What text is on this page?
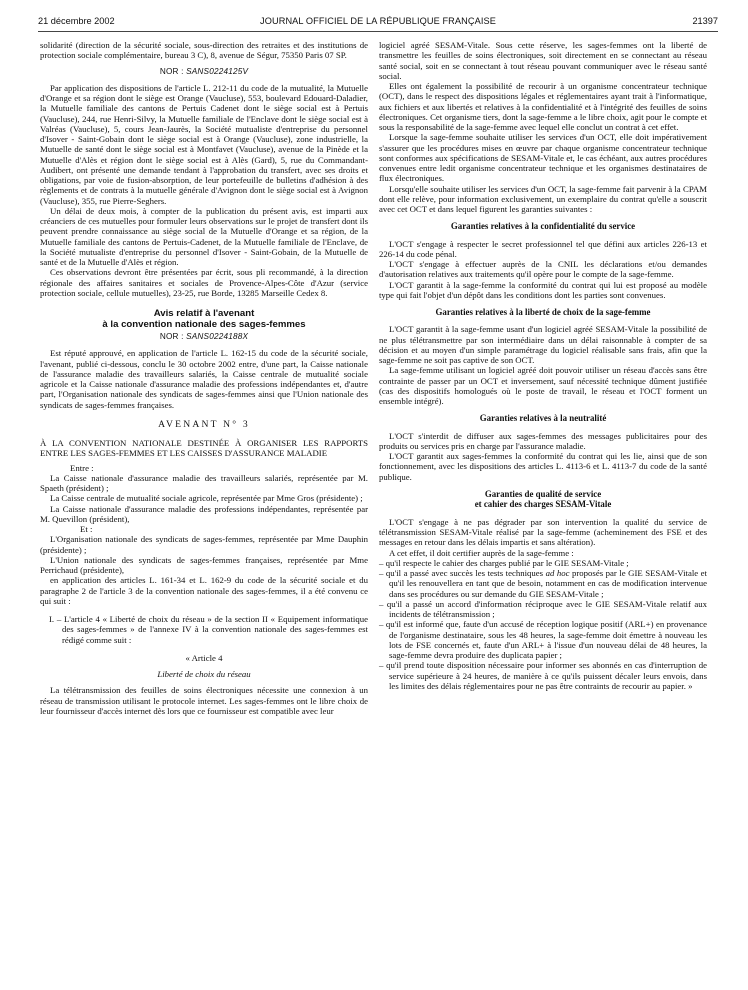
21 décembre 2002	JOURNAL OFFICIEL DE LA RÉPUBLIQUE FRANÇAISE	21397

solidarité (direction de la sécurité sociale, sous-direction des retraites et des institutions de protection sociale complémentaire, bureau 3 C), 8, avenue de Ségur, 75350 Paris 07 SP.

NOR : SANS0224125V

Par application des dispositions de l'article L. 212-11 du code de la mutualité, la Mutuelle d'Orange et sa région dont le siège est Orange (Vaucluse), 553, boulevard Edouard-Daladier, la Mutuelle familiale des cantons de Pertuis Cadenet dont le siège social est à Pertuis (Vaucluse), 244, rue Henri-Silvy, la Mutuelle familiale de l'Enclave dont le siège social est à Valréas (Vaucluse), 5, cours Jean-Jaurès, la Société mutualiste d'entreprise du personnel d'Isover - Saint-Gobain dont le siège social est à Orange (Vaucluse), zone industrielle, la Mutuelle de santé dont le siège social est à Montfavet (Vaucluse), avenue de la Pinède et la Mutuelle d'Alès et région dont le siège social est à Alès (Gard), 5, rue du Commandant-Audibert, ont présenté une demande tendant à l'approbation du transfert, avec ses droits et obligations, par voie de fusion-absorption, de leur portefeuille de bulletins d'adhésion à des règlements et de contrats à la mutuelle générale d'Avignon dont le siège social est à Avignon (Vaucluse), 355, rue Pierre-Seghers.

Un délai de deux mois, à compter de la publication du présent avis, est imparti aux créanciers de ces mutuelles pour formuler leurs observations sur le projet de transfert dont ils peuvent prendre connaissance au siège social de la Mutuelle d'Orange et sa région, de la Mutuelle familiale des cantons de Pertuis-Cadenet, de la Mutuelle familiale de l'Enclave, de la Société mutualiste d'entreprise du personnel d'Isover - Saint-Gobain, de la Mutuelle de santé et de la Mutuelle d'Alès et région.

Ces observations devront être présentées par écrit, sous pli recommandé, à la direction régionale des affaires sanitaires et sociales de Provence-Alpes-Côte d'Azur (service protection sociale, cellule mutuelles), 23-25, rue Borde, 13285 Marseille Cedex 8.

Avis relatif à l'avenant
à la convention nationale des sages-femmes

NOR : SANS0224188X

Est réputé approuvé, en application de l'article L. 162-15 du code de la sécurité sociale, l'avenant, publié ci-dessous, conclu le 30 octobre 2002 entre, d'une part, la Caisse nationale de l'assurance maladie des travailleurs salariés, la Caisse centrale de mutualité sociale agricole et la Caisse nationale d'assurance maladie des professions indépendantes et, d'autre part, l'Organisation nationale des syndicats de sages-femmes ainsi que l'Union nationale des syndicats de sages-femmes françaises.

AVENANT N° 3

À LA CONVENTION NATIONALE DESTINÉE À ORGANISER LES RAPPORTS ENTRE LES SAGES-FEMMES ET LES CAISSES D'ASSURANCE MALADIE

Entre :

La Caisse nationale d'assurance maladie des travailleurs salariés, représentée par M. Spaeth (président) ;

La Caisse centrale de mutualité sociale agricole, représentée par Mme Gros (présidente) ;

La Caisse nationale d'assurance maladie des professions indépendantes, représentée par M. Quevillon (président),

Et :

L'Organisation nationale des syndicats de sages-femmes, représentée par Mme Dauphin (présidente) ;

L'Union nationale des syndicats de sages-femmes françaises, représentée par Mme Perrichaud (présidente),

en application des articles L. 161-34 et L. 162-9 du code de la sécurité sociale et du paragraphe 2 de l'article 3 de la convention nationale des sages-femmes, il a été convenu ce qui suit :

I. – L'article 4 « Liberté de choix du réseau » de la section II « Equipement informatique des sages-femmes » de l'annexe IV à la convention nationale des sages-femmes est rédigé comme suit :

« Article 4

Liberté de choix du réseau

La télétransmission des feuilles de soins électroniques nécessite une connexion à un réseau de transmission utilisant le protocole internet. Les sages-femmes ont le libre choix de leur fournisseur d'accès internet dès lors que ce fournisseur est compatible avec leur

logiciel agréé SESAM-Vitale. Sous cette réserve, les sages-femmes ont la liberté de transmettre les feuilles de soins électroniques, soit directement en se connectant au réseau santé social, soit en se connectant à tout réseau pouvant communiquer avec le réseau santé social.

Elles ont également la possibilité de recourir à un organisme concentrateur technique (OCT), dans le respect des dispositions légales et réglementaires ayant trait à l'informatique, aux fichiers et aux libertés et relatives à la confidentialité et à l'intégrité des feuilles de soins électroniques. Cet organisme tiers, dont la sage-femme a le libre choix, agit pour le compte et sous la responsabilité de la sage-femme avec lequel elle conclut un contrat à cet effet.

Lorsque la sage-femme souhaite utiliser les services d'un OCT, elle doit impérativement s'assurer que les procédures mises en œuvre par chaque organisme concentrateur technique sont conformes aux spécifications de SESAM-Vitale et, le cas échéant, aux autres procédures convenues entre ledit organisme concentrateur technique et les organismes destinataires de flux électroniques.

Lorsqu'elle souhaite utiliser les services d'un OCT, la sage-femme fait parvenir à la CPAM dont elle relève, pour information exclusivement, un exemplaire du contrat qu'elle a souscrit avec cet OCT et dans lequel figurent les garanties suivantes :

Garanties relatives à la confidentialité du service

L'OCT s'engage à respecter le secret professionnel tel que défini aux articles 226-13 et 226-14 du code pénal.

L'OCT s'engage à effectuer auprès de la CNIL les déclarations et/ou demandes d'autorisation relatives aux traitements qu'il opère pour le compte de la sage-femme.

L'OCT garantit à la sage-femme la conformité du contrat qui lui est proposé au modèle type qui fait l'objet d'un dépôt dans les conditions dont les parties sont convenues.

Garanties relatives à la liberté de choix de la sage-femme

L'OCT garantit à la sage-femme usant d'un logiciel agréé SESAM-Vitale la possibilité de ne plus télétransmettre par son intermédiaire dans un délai raisonnable à compter de sa décision et au moyen d'un simple paramétrage du logiciel réalisable sans frais, afin que la sage-femme ne soit pas captive de son OCT.

La sage-femme utilisant un logiciel agréé doit pouvoir utiliser un réseau d'accès sans être contrainte de passer par un OCT et inversement, sauf nécessité technique dûment justifiée (cas des dispositifs homologués où le poste de travail, le réseau et l'OCT forment un ensemble intégré).

Garanties relatives à la neutralité

L'OCT s'interdit de diffuser aux sages-femmes des messages publicitaires pour des produits ou services pris en charge par l'assurance maladie.

L'OCT garantit aux sages-femmes la conformité du contrat qui les lie, ainsi que de son fonctionnement, avec les dispositions des articles L. 4113-6 et L. 4113-7 du code de la santé publique.

Garanties de qualité de service
et cahier des charges SESAM-Vitale

L'OCT s'engage à ne pas dégrader par son intervention la qualité du service de télétransmission SESAM-Vitale réalisé par la sage-femme (acheminement des FSE et des messages en retour dans les délais impartis et sans altération).

A cet effet, il doit certifier auprès de la sage-femme :

– qu'il respecte le cahier des charges publié par le GIE SESAM-Vitale ;
– qu'il a passé avec succès les tests techniques ad hoc proposés par le GIE SESAM-Vitale et qu'il les renouvellera en tant que de besoin, notamment en cas de modification intervenue dans ses procédures ou sur demande du GIE SESAM-Vitale ;
– qu'il a passé un accord d'information réciproque avec le GIE SESAM-Vitale relatif aux incidents de télétransmission ;
– qu'il est informé que, faute d'un accusé de réception logique positif (ARL+) en provenance de l'organisme destinataire, sous les 48 heures, la sage-femme doit émettre à nouveau les lots de FSE concernés et, faute d'un ARL+ à l'issue d'un nouveau délai de 48 heures, la sage-femme devra produire des duplicata papier ;
– qu'il prend toute disposition nécessaire pour informer ses abonnés en cas d'interruption de service supérieure à 24 heures, de manière à ce qu'ils puissent décaler leurs envois, dans les limites des délais réglementaires pour ne pas être contraints de recourir au papier. »
